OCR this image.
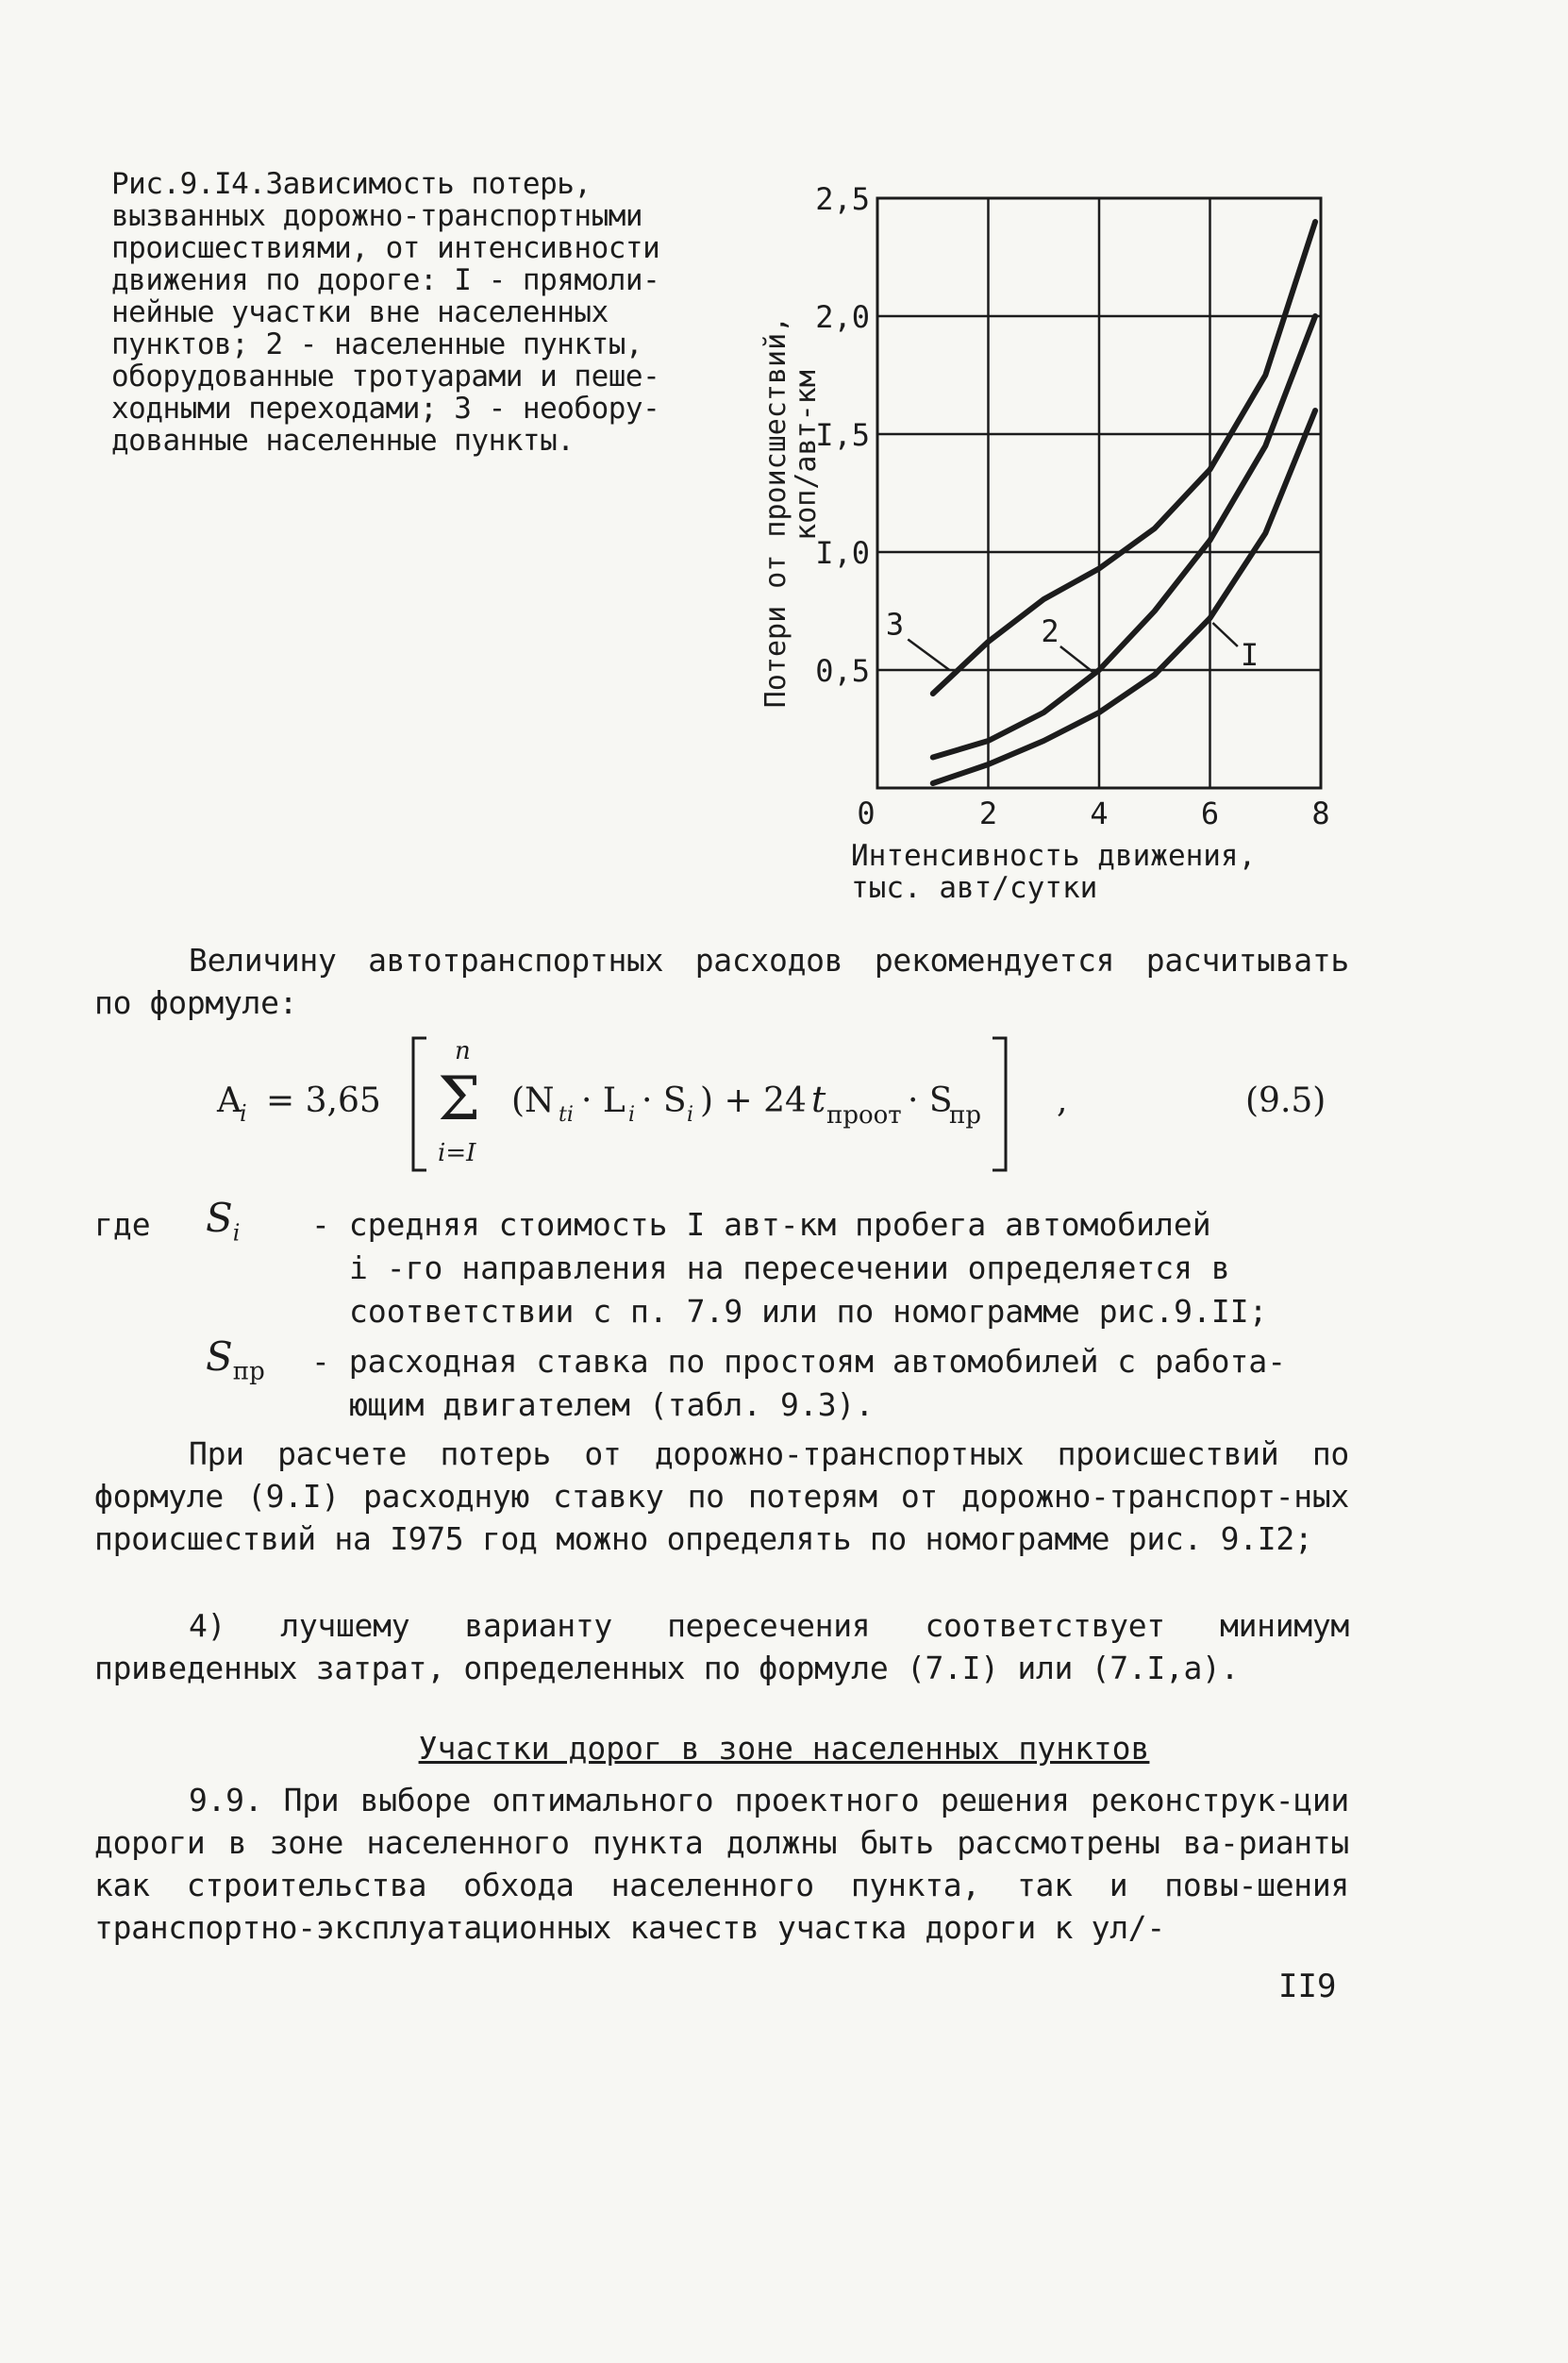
Рис.9.I4.Зависимость потерь,
вызванных дорожно-транспортными
происшествиями, от интенсивности
движения по дороге: I - прямоли-
нейные участки вне населенных
пунктов; 2 - населенные пункты,
оборудованные тротуарами и пеше-
ходными переходами; 3 - необору-
дованные населенные пункты.
0,5
I,0
I,5
2,0
2,5
0	2	4	6	8
Потери от происшествий,
коп/авт-км
Интенсивность движения,
тыс. авт/сутки
3	2
I
Величину автотранспортных расходов рекомендуется расчитывать по формуле:
A
i = 3,65 Σ
n
i=I
(N ti · L i · S i ) + 24 t проот · S
пр ,	(9.5)
где $S_i$ - средняя стоимость I авт-км пробега автомобилей
i -го направления на пересечении определяется в
соответствии с п. 7.9 или по номограмме рис.9.II;
$S_{пр}$ - расходная ставка по простоям автомобилей с работа-
ющим двигателем (табл. 9.3).
При расчете потерь от дорожно-транспортных происшествий по формуле (9.I) расходную ставку по потерям от дорожно-транспорт-ных происшествий на I975 год можно определять по номограмме рис. 9.I2;
4) лучшему варианту пересечения соответствует минимум приведенных затрат, определенных по формуле (7.I) или (7.I,а).
Участки дорог в зоне населенных пунктов
9.9. При выборе оптимального проектного решения реконструк-ции дороги в зоне населенного пункта должны быть рассмотрены ва-рианты как строительства обхода населенного пункта, так и повы-шения транспортно-эксплуатационных качеств участка дороги к ул/-
II9
